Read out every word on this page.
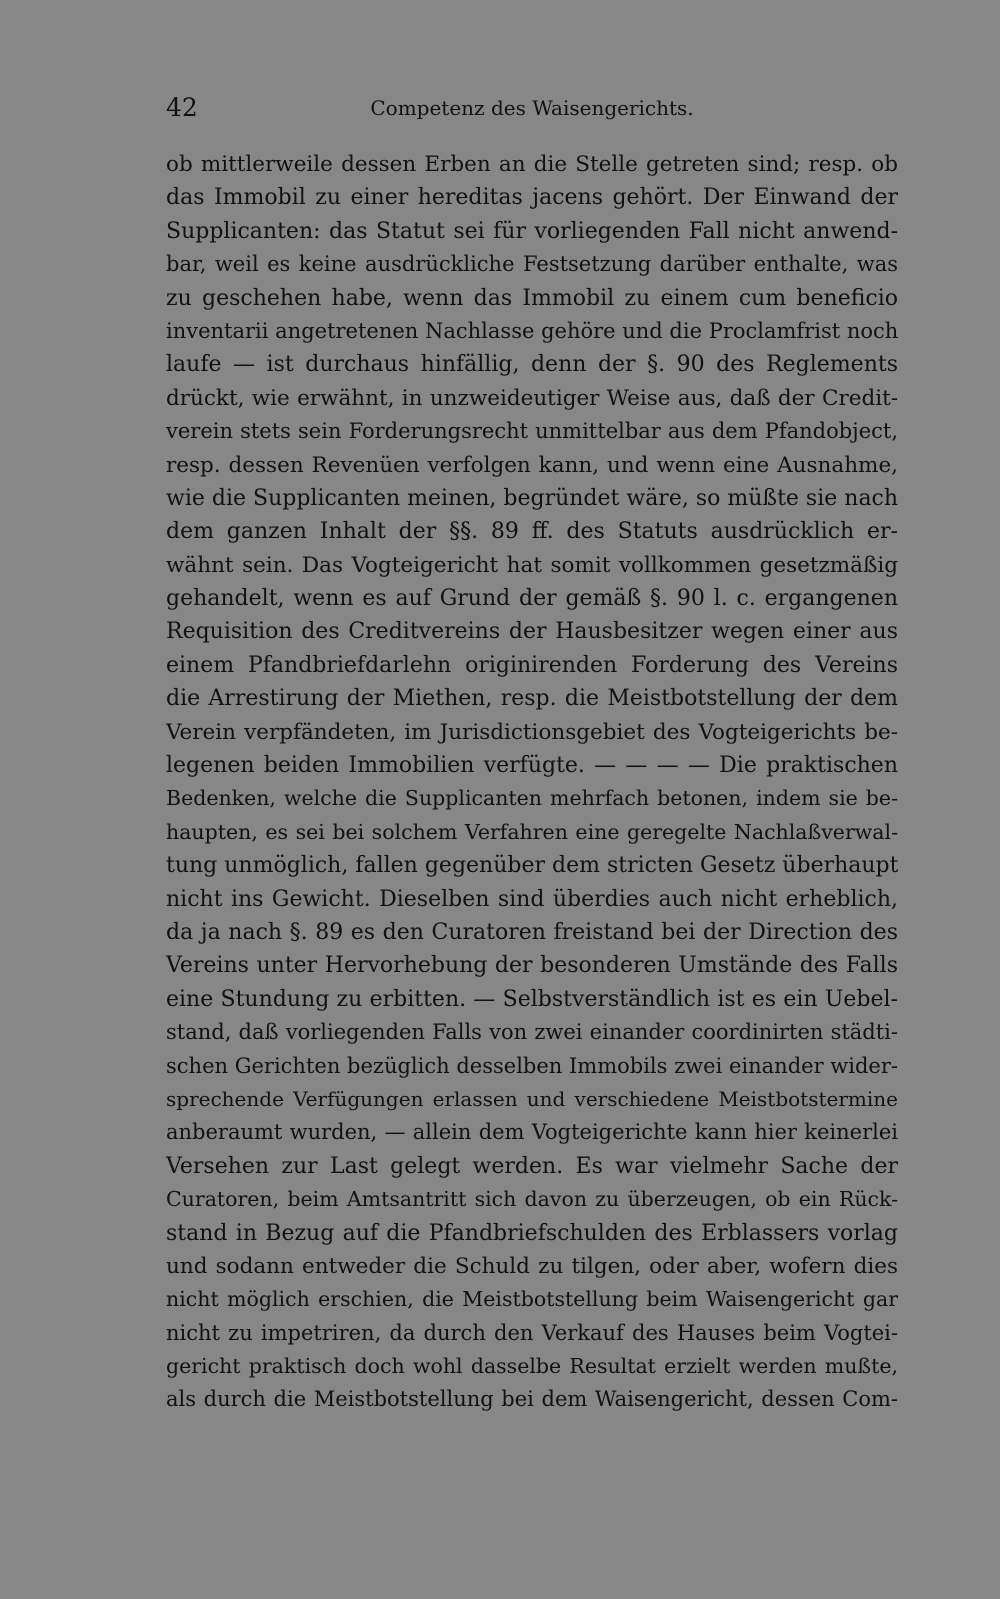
42	Competenz des Waisengerichts.
ob mittlerweile dessen Erben an die Stelle getreten sind; resp. ob
das Immobil zu einer hereditas jacens gehört. Der Einwand der
Supplicanten: das Statut sei für vorliegenden Fall nicht anwend-
bar, weil es keine ausdrückliche Festsetzung darüber enthalte, was
zu geschehen habe, wenn das Immobil zu einem cum beneficio
inventarii angetretenen Nachlasse gehöre und die Proclamfrist noch
laufe — ist durchaus hinfällig, denn der §. 90 des Reglements
drückt, wie erwähnt, in unzweideutiger Weise aus, daß der Credit-
verein stets sein Forderungsrecht unmittelbar aus dem Pfandobject,
resp. dessen Revenüen verfolgen kann, und wenn eine Ausnahme,
wie die Supplicanten meinen, begründet wäre, so müßte sie nach
dem ganzen Inhalt der §§. 89 ff. des Statuts ausdrücklich er-
wähnt sein. Das Vogteigericht hat somit vollkommen gesetzmäßig
gehandelt, wenn es auf Grund der gemäß §. 90 l. c. ergangenen
Requisition des Creditvereins der Hausbesitzer wegen einer aus
einem Pfandbriefdarlehn originirenden Forderung des Vereins
die Arrestirung der Miethen, resp. die Meistbotstellung der dem
Verein verpfändeten, im Jurisdictionsgebiet des Vogteigerichts be-
legenen beiden Immobilien verfügte. — — — — Die praktischen
Bedenken, welche die Supplicanten mehrfach betonen, indem sie be-
haupten, es sei bei solchem Verfahren eine geregelte Nachlaßverwal-
tung unmöglich, fallen gegenüber dem stricten Gesetz überhaupt
nicht ins Gewicht. Dieselben sind überdies auch nicht erheblich,
da ja nach §. 89 es den Curatoren freistand bei der Direction des
Vereins unter Hervorhebung der besonderen Umstände des Falls
eine Stundung zu erbitten. — Selbstverständlich ist es ein Uebel-
stand, daß vorliegenden Falls von zwei einander coordinirten städti-
schen Gerichten bezüglich desselben Immobils zwei einander wider-
sprechende Verfügungen erlassen und verschiedene Meistbotstermine
anberaumt wurden, — allein dem Vogteigerichte kann hier keinerlei
Versehen zur Last gelegt werden. Es war vielmehr Sache der
Curatoren, beim Amtsantritt sich davon zu überzeugen, ob ein Rück-
stand in Bezug auf die Pfandbriefschulden des Erblassers vorlag
und sodann entweder die Schuld zu tilgen, oder aber, wofern dies
nicht möglich erschien, die Meistbotstellung beim Waisengericht gar
nicht zu impetriren, da durch den Verkauf des Hauses beim Vogtei-
gericht praktisch doch wohl dasselbe Resultat erzielt werden mußte,
als durch die Meistbotstellung bei dem Waisengericht, dessen Com-
